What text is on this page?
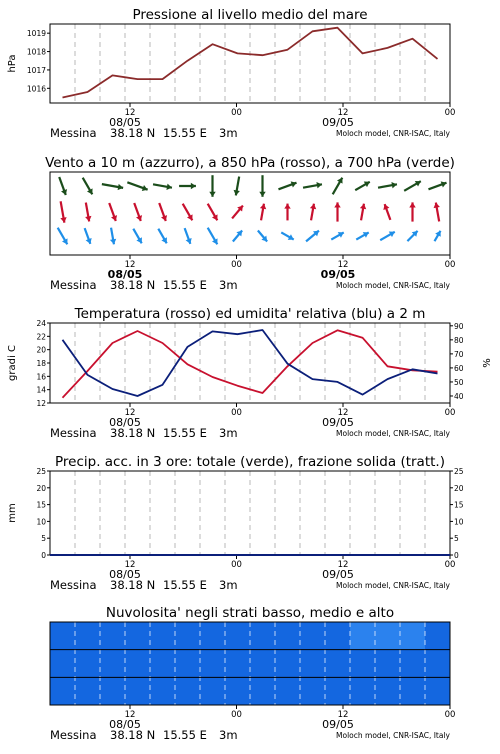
Pressione al livello medio del mare
12	00	12	00
08/05	09/05
Messina 38.18 N 15.55 E 3m	Moloch model, CNR-ISAC, Italy
1016
1017
1018
1019
hPa
Vento a 10 m (azzurro), a 850 hPa (rosso), a 700 hPa (verde)
12	00	12	00
08/05	09/05
Messina 38.18 N 15.55 E 3m	Moloch model, CNR-ISAC, Italy
Temperatura (rosso) ed umidita' relativa (blu) a 2 m
12	00	12	00
08/05	09/05
Messina 38.18 N 15.55 E 3m	Moloch model, CNR-ISAC, Italy
12
14
16
18
20
22
24
gradi C
40
50
60
70
80
90
%
Precip. acc. in 3 ore: totale (verde), frazione solida (tratt.)
12	00	12	00
08/05	09/05
Messina 38.18 N 15.55 E 3m	Moloch model, CNR-ISAC, Italy
0
5
10
15
20
25
mm
0
5
10
15
20
25
Nuvolosita' negli strati basso, medio e alto
12	00	12	00
08/05	09/05
Messina 38.18 N 15.55 E 3m	Moloch model, CNR-ISAC, Italy
